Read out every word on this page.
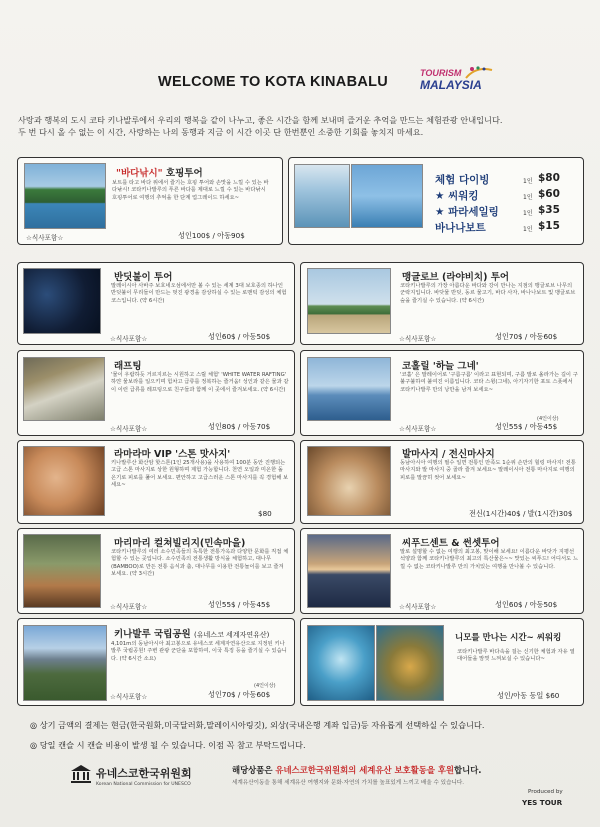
WELCOME TO KOTA KINABALU
TOURISM
MALAYSIA
사랑과 행복의 도시 코타 키나발루에서 우리의 행복을 같이 나누고, 좋은 시간을 함께 보내며 즐거운 추억을 만드는 체험관광 안내입니다.
두 번 다시 올 수 없는 이 시간, 사랑하는 나의 동행과 지금 이 시간 이곳 단 한번뿐인 소중한 기회를 놓치지 마세요.
"바다낚시" 호핑투어
보트를 타고 바다 위에서 즐기는 호핑 투어와 손맛을 느낄 수 있는 바다낚시! 코타키나발루의 푸른 바다를 제대로 느낄 수 있는 바다낚시 호핑투어로 여행의 추억을 한 단계 업그레이드 하세요~
☆식사포함☆	성인100$ / 아동90$
체험 다이빙	1인 $80
★ 씨워킹	1인 $60
★ 파라세일링	1인 $35
바나나보트	1인 $15
반딧불이 투어
말레이시아 사바주 보호네오섬에서만 볼 수 있는 세계 3대 보호종의 하나인 반딧불이 무리들이 만드는 멋진 광경을 감상하실 수 있는 로맨틱 감성의 체험코스입니다. (약 6시간)
☆식사포함☆	성인60$ / 아동50$
맹글로브 (라야비치) 투어
코타키나발루의 가장 아름다운 바다와 강이 만나는 지점의 맹글로브 나무의 군락지입니다. 바닷물 반딧, 동르 물고기, 바다 사자, 바나나보트 및 맹글로브 숲을 즐기실 수 있습니다. (약 6시간)
☆식사포함☆	성인70$ / 아동60$
래프팅
'물이 우람하듯 거르지르는 시원하고 스릴 체험' 'WHITE WATER RAFTING' 하얀 물보라를 일으키며 힘차고 급류를 정복하는 즐거움! 성인과 같은 물과 같이 이런 급류를 레프팅으로 친구들과 함께 이 곳에서 즐겨보세요. (약 6시간)
☆식사포함☆	성인80$ / 아동70$
코홀릴 '하늘 그네'
'코홀' 은 말레이어로 '구름구름' 이라고 표현되며, 구름 발로 올라가는 길이 구불구불하여 붙여진 이름입니다. 코타 스윙(그네), 아기자기한 포토 스폿에서 코타키나발루 만의 낭만을 남겨 보세요~
(4인이상)
☆식사포함☆	성인55$ / 아동45$
라마라마 VIP '스톤 맛사지'
키나발루산 화산암 핫스톤(1인 25개사용)을 사용하여 100분 동안 진행되는 고급 스톤 마사지로 상한 원형하며 제험 가능합니다. 천연 오일과 미온한 돌 온기로 피로를 풀어 보세요. 편안하고 고급스러운 스톤 마사지를 꼭 경험해 보세요~
$80
발마사지 / 전신마사지
동남아시아 여행의 필수 일면 전통인 만족도 1순위 손만의 힐링 마사지! 전통 마사지와 발 마사지 중 골라 즐겨 보세요~ 말레이시아 전통 마사지로 여행의 피로를 말끔히 씻어 보세요~
전신(1시간)40$ / 발(1시간)30$
마리마리 컬쳐빌리지(민속마을)
코타키나발루의 여러 소수민족들의 독특한 전통가옥과 다양한 문화를 직접 체험할 수 있는 곳입니다. 소수민족의 전통생활 방식을 체험하고, 대나무 (BAMBOO)로 만든 전통 음식과 춤, 대나무를 이용한 전통놀이를 보고 즐겨 보세요. (약 3시간)
☆식사포함☆	성인55$ / 아동45$
씨푸드센트 & 썬셋투어
말로 설명할 수 없는 여행의 최고봉, 맞이해 보세요! 이름다운 바닷가 지평선 석양과 함께 코타키나발루의 최고의 특산물은~~ 맛있는 씨푸드! 어디서도 느낄 수 없는 코타키나발루 만의 가치있는 여행을 만나볼 수 있습니다.
☆식사포함☆	성인60$ / 아동50$
키나발루 국립공원 (유네스코 세계자연유산)
4,101m의 동남아시아 최고봉으로 유네스코 세계자연유산으로 지정된 키나발루 국립공원! 주변 관광 군단을 포함하여, 이국 특징 등을 즐기실 수 있습니다. (약 6시간 소요)
(4인이상)
☆식사포함☆	성인70$ / 아동60$
니모를 만나는 시간~ 씨워킹
코타키나발루 바다속을 걸는 신기한 체험과 자유 열대어들을 맘껏 느껴보실 수 있습니다~
성인/아동 동일 $60
◎ 상기 금액의 결제는 현금(한국원화,미국달러화,말레이시아링깃), 외상(국내은행 계좌 입금)등 자유롭게 선택하실 수 있습니다.
◎ 당일 캔슬 시 캔슬 비용이 발생 될 수 있습니다. 이점 꼭 참고 부탁드립니다.
유네스코한국위원회
Korean National Commission for UNESCO
해당상품은 유네스코한국위원회의 세계유산 보호활동을 후원합니다.
세계유산이동을 통해 세계유산 여행지와 문화·자연의 가치를 높표있게 느끼고 배울 수 있습니다.
Produced by
YES TOUR
